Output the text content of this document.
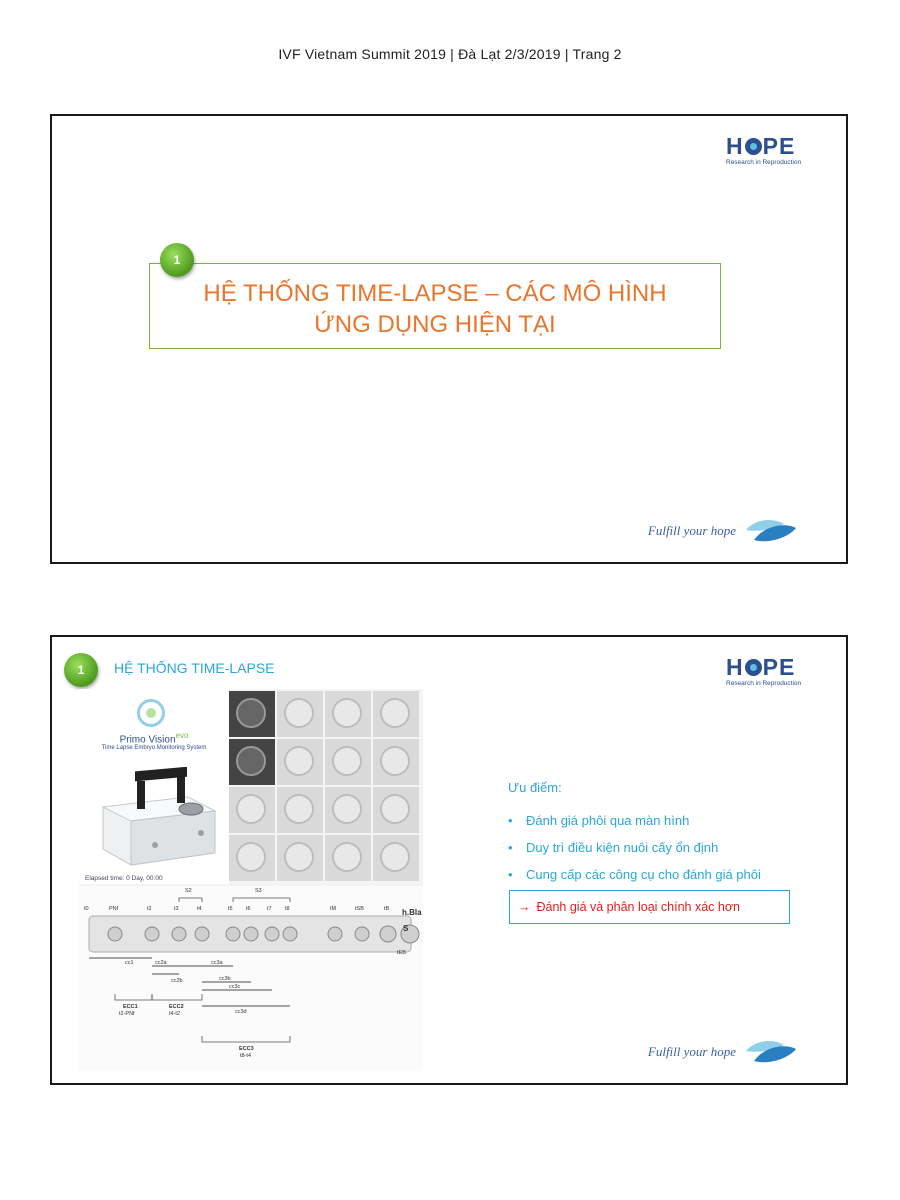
IVF Vietnam Summit 2019 | Đà Lạt 2/3/2019 | Trang 2
H PE
Research in Reproduction
HỆ THỐNG TIME-LAPSE – CÁC MÔ HÌNH
ỨNG DỤNG HIỆN TẠI
1
Fulfill your hope
1	HỆ THỐNG TIME-LAPSE	H PE
Research in Reproduction
Primo Vision$^{evo}$
Time Lapse Embryo Monitoring System
Elapsed time: 0 Day, 00:00
t0	PNf	t2	t3	t4	t5 t6	t7 t8	tM	tSB	tB
tEB
S2	S3
h.Bla
S
cc1	cc2a
cc2b
cc3a
cc3b
cc3c
cc3d
ECC1
t2-PNf
ECC2
t4-t2
ECC3
t8-t4
Ưu điểm:
• Đánh giá phôi qua màn hình
• Duy trì điều kiện nuôi cấy ổn định
• Cung cấp các công cụ cho đánh giá phôi
→ Đánh giá và phân loại chính xác hơn
Fulfill your hope
